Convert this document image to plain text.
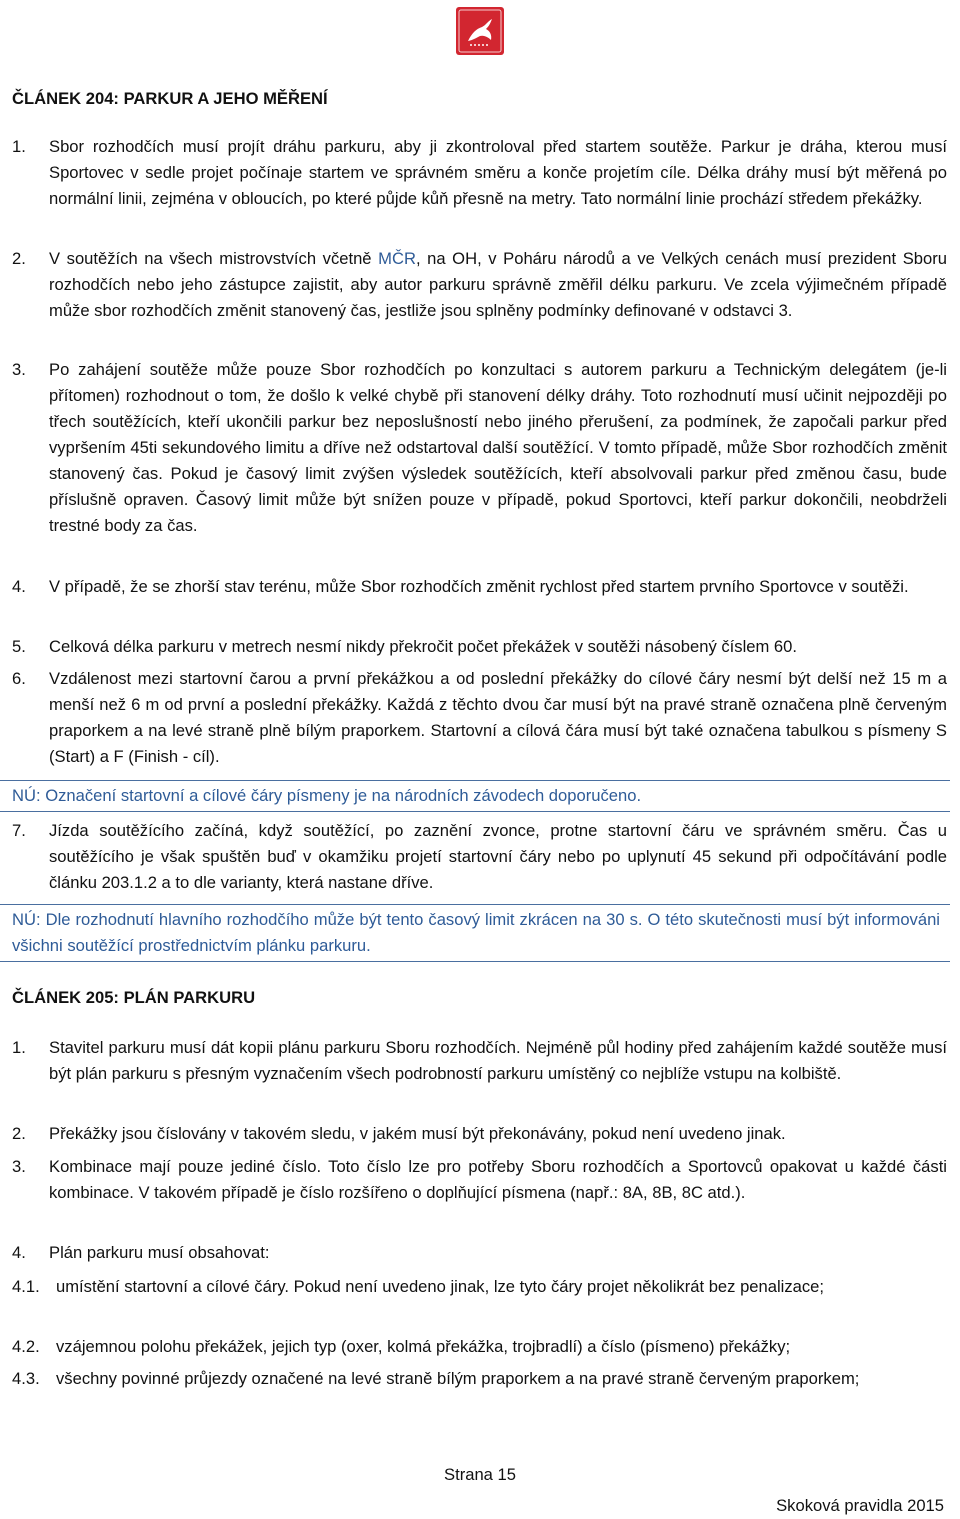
ČLÁNEK 204: PARKUR A JEHO MĚŘENÍ
1.	Sbor rozhodčích musí projít dráhu parkuru, aby ji zkontroloval před startem soutěže. Parkur je dráha, kterou musí Sportovec v sedle projet počínaje startem ve správném směru a konče projetím cíle. Délka dráhy musí být měřená po normální linii, zejména v obloucích, po které půjde kůň přesně na metry. Tato normální linie prochází středem překážky.
2.	V soutěžích na všech mistrovstvích včetně MČR, na OH, v Poháru národů a ve Velkých cenách musí prezident Sboru rozhodčích nebo jeho zástupce zajistit, aby autor parkuru správně změřil délku parkuru. Ve zcela výjimečném případě může sbor rozhodčích změnit stanovený čas, jestliže jsou splněny podmínky definované v odstavci 3.
3.	Po zahájení soutěže může pouze Sbor rozhodčích po konzultaci s autorem parkuru a Technickým delegátem (je-li přítomen) rozhodnout o tom, že došlo k velké chybě při stanovení délky dráhy. Toto rozhodnutí musí učinit nejpozději po třech soutěžících, kteří ukončili parkur bez neposlušností nebo jiného přerušení, za podmínek, že započali parkur před vypršením 45ti sekundového limitu a dříve než odstartoval další soutěžící. V tomto případě, může Sbor rozhodčích změnit stanovený čas. Pokud je časový limit zvýšen výsledek soutěžících, kteří absolvovali parkur před změnou času, bude příslušně opraven. Časový limit může být snížen pouze v případě, pokud Sportovci, kteří parkur dokončili, neobdrželi trestné body za čas.
4.	V případě, že se zhorší stav terénu, může Sbor rozhodčích změnit rychlost před startem prvního Sportovce v soutěži.
5.	Celková délka parkuru v metrech nesmí nikdy překročit počet překážek v soutěži násobený číslem 60.
6.	Vzdálenost mezi startovní čarou a první překážkou a od poslední překážky do cílové čáry nesmí být delší než 15 m a menší než 6 m od první a poslední překážky. Každá z těchto dvou čar musí být na pravé straně označena plně červeným praporkem a na levé straně plně bílým praporkem. Startovní a cílová čára musí být také označena tabulkou s písmeny S (Start) a F (Finish - cíl).
NÚ: Označení startovní a cílové čáry písmeny je na národních závodech doporučeno.
7.	Jízda soutěžícího začíná, když soutěžící, po zaznění zvonce, protne startovní čáru ve správném směru. Čas u soutěžícího je však spuštěn buď v okamžiku projetí startovní čáry nebo po uplynutí 45 sekund při odpočítávání podle článku 203.1.2 a to dle varianty, která nastane dříve.
NÚ: Dle rozhodnutí hlavního rozhodčího může být tento časový limit zkrácen na 30 s. O této skutečnosti musí být informováni všichni soutěžící prostřednictvím plánku parkuru.
ČLÁNEK 205: PLÁN PARKURU
1.	Stavitel parkuru musí dát kopii plánu parkuru Sboru rozhodčích. Nejméně půl hodiny před zahájením každé soutěže musí být plán parkuru s přesným vyznačením všech podrobností parkuru umístěný co nejblíže vstupu na kolbiště.
2.	Překážky jsou číslovány v takovém sledu, v jakém musí být překonávány, pokud není uvedeno jinak.
3.	Kombinace mají pouze jediné číslo. Toto číslo lze pro potřeby Sboru rozhodčích a Sportovců opakovat u každé části kombinace. V takovém případě je číslo rozšířeno o doplňující písmena (např.: 8A, 8B, 8C atd.).
4.	Plán parkuru musí obsahovat:
4.1. umístění startovní a cílové čáry. Pokud není uvedeno jinak, lze tyto čáry projet několikrát bez penalizace;
4.2. vzájemnou polohu překážek, jejich typ (oxer, kolmá překážka, trojbradlí) a číslo (písmeno) překážky;
4.3. všechny povinné průjezdy označené na levé straně bílým praporkem a na pravé straně červeným praporkem;
Strana 15
Skoková pravidla 2015
